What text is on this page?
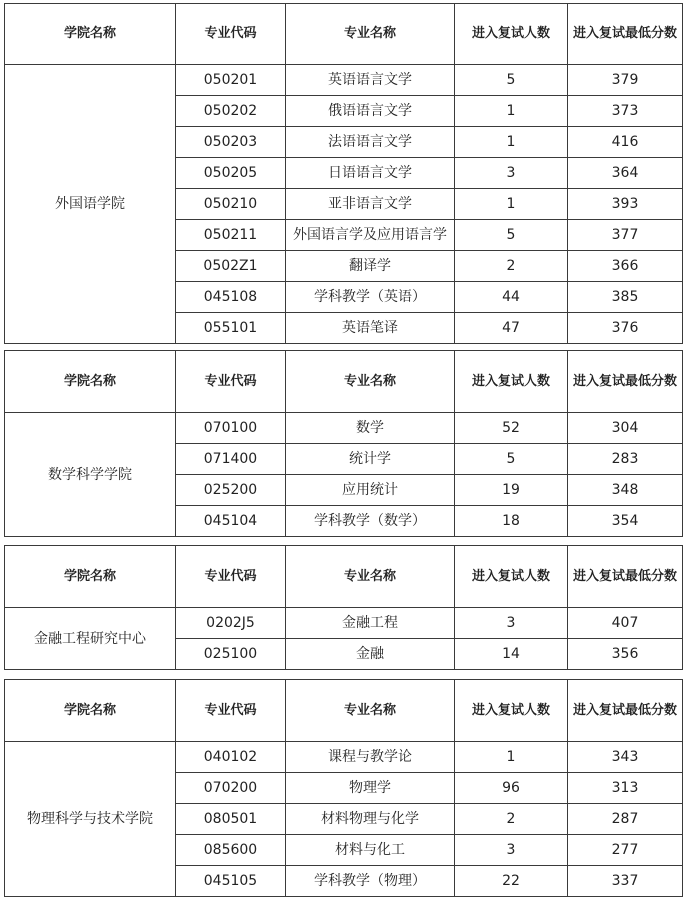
学院名称	专业代码	专业名称	进入复试人数	进入复试最低分数
外国语学院	050201	英语语言文学	5	379
	050202	俄语语言文学	1	373
	050203	法语语言文学	1	416
	050205	日语语言文学	3	364
	050210	亚非语言文学	1	393
	050211	外国语言学及应用语言学	5	377
	0502Z1	翻译学	2	366
	045108	学科教学（英语）	44	385
	055101	英语笔译	47	376
学院名称	专业代码	专业名称	进入复试人数	进入复试最低分数
数学科学学院	070100	数学	52	304
	071400	统计学	5	283
	025200	应用统计	19	348
	045104	学科教学（数学）	18	354
学院名称	专业代码	专业名称	进入复试人数	进入复试最低分数
金融工程研究中心	0202J5	金融工程	3	407
	025100	金融	14	356
学院名称	专业代码	专业名称	进入复试人数	进入复试最低分数
物理科学与技术学院	040102	课程与教学论	1	343
	070200	物理学	96	313
	080501	材料物理与化学	2	287
	085600	材料与化工	3	277
	045105	学科教学（物理）	22	337
